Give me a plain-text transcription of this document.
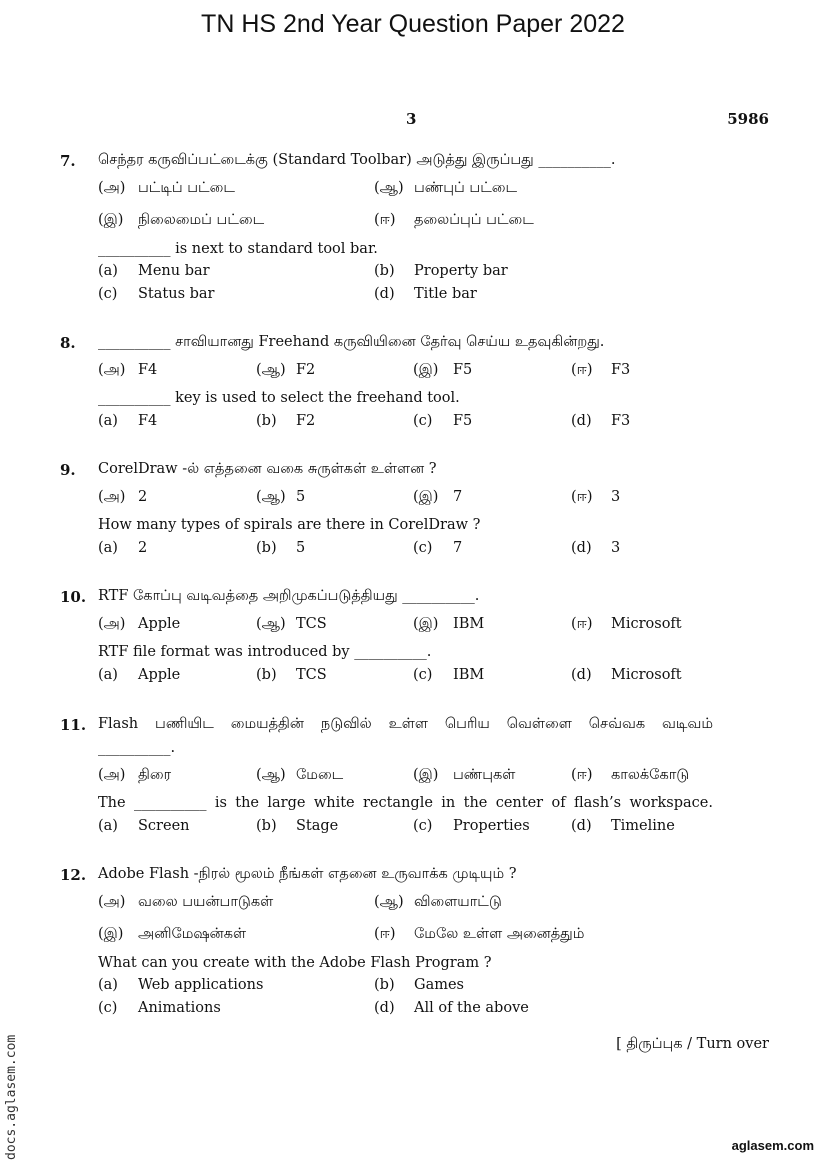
TN HS 2nd Year Question Paper 2022
3	5986
7. செந்தர கருவிப்பட்டைக்கு (Standard Toolbar) அடுத்து இருப்பது __________.
(அ) பட்டிப் பட்டை	(ஆ) பண்புப் பட்டை
(இ) நிலைமைப் பட்டை	(ஈ) தலைப்புப் பட்டை
__________ is next to standard tool bar.
(a) Menu bar	(b) Property bar
(c) Status bar	(d) Title bar
8. __________ சாவியானது Freehand கருவியினை தேர்வு செய்ய உதவுகின்றது.
(அ) F4	(ஆ) F2	(இ) F5	(ஈ) F3
__________ key is used to select the freehand tool.
(a) F4	(b) F2	(c) F5	(d) F3
9. CorelDraw -ல் எத்தனை வகை சுருள்கள் உள்ளன ?
(அ) 2	(ஆ) 5	(இ) 7	(ஈ) 3
How many types of spirals are there in CorelDraw ?
(a) 2	(b) 5	(c) 7	(d) 3
10. RTF கோப்பு வடிவத்தை அறிமுகப்படுத்தியது __________.
(அ) Apple	(ஆ) TCS	(இ) IBM	(ஈ) Microsoft
RTF file format was introduced by __________.
(a) Apple	(b) TCS	(c) IBM	(d) Microsoft
11. Flash பணியிட மையத்தின் நடுவில் உள்ள பெரிய வெள்ளை செவ்வக வடிவம்
__________.
(அ) திரை	(ஆ) மேடை	(இ) பண்புகள்	(ஈ) காலக்கோடு
The __________ is the large white rectangle in the center of flash’s workspace.
(a) Screen	(b) Stage	(c) Properties	(d) Timeline
12. Adobe Flash -நிரல் மூலம் நீங்கள் எதனை உருவாக்க முடியும் ?
(அ) வலை பயன்பாடுகள்	(ஆ) விளையாட்டு
(இ) அனிமேஷன்கள்	(ஈ) மேலே உள்ள அனைத்தும்
What can you create with the Adobe Flash Program ?
(a) Web applications	(b) Games
(c) Animations	(d) All of the above
[ திருப்புக / Turn over
docs.aglasem.com	aglasem.com
